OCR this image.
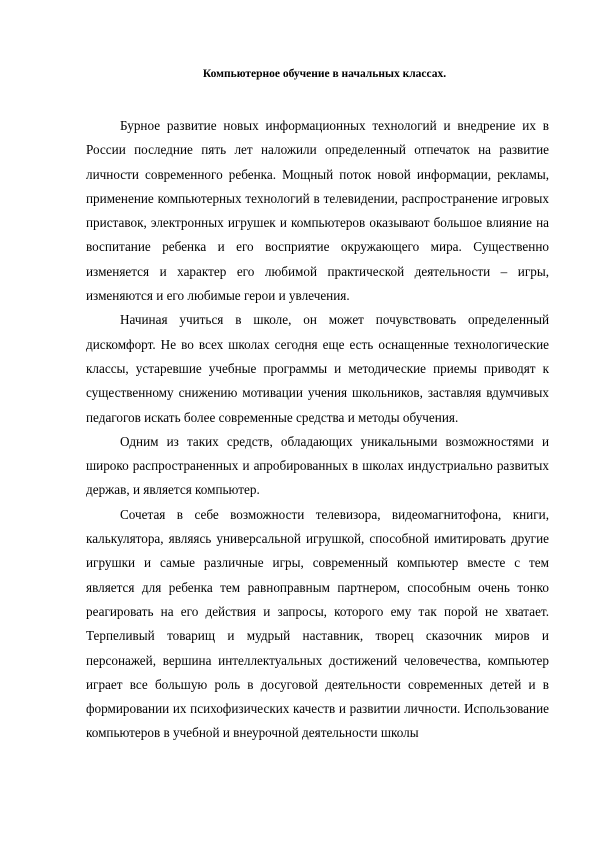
Компьютерное обучение в начальных классах.

Бурное развитие новых информационных технологий и внедрение их в России последние пять лет наложили определенный отпечаток на развитие личности современного ребенка. Мощный поток новой информации, рекламы, применение компьютерных технологий в телевидении, распространение игровых приставок, электронных игрушек и компьютеров оказывают большое влияние на воспитание ребенка и его восприятие окружающего мира. Существенно изменяется и характер его любимой практической деятельности – игры, изменяются и его любимые герои и увлечения.

Начиная учиться в школе, он может почувствовать определенный дискомфорт. Не во всех школах сегодня еще есть оснащенные технологические классы, устаревшие учебные программы и методические приемы приводят к существенному снижению мотивации учения школьников, заставляя вдумчивых педагогов искать более современные средства и методы обучения.

Одним из таких средств, обладающих уникальными возможностями и широко распространенных и апробированных в школах индустриально развитых держав, и является компьютер.

Сочетая в себе возможности телевизора, видеомагнитофона, книги, калькулятора, являясь универсальной игрушкой, способной имитировать другие игрушки и самые различные игры, современный компьютер вместе с тем является для ребенка тем равноправным партнером, способным очень тонко реагировать на его действия и запросы, которого ему так порой не хватает. Терпеливый товарищ и мудрый наставник, творец сказочник миров и персонажей, вершина интеллектуальных достижений человечества, компьютер играет все большую роль в досуговой деятельности современных детей и в формировании их психофизических качеств и развитии личности. Использование компьютеров в учебной и внеурочной деятельности школы
